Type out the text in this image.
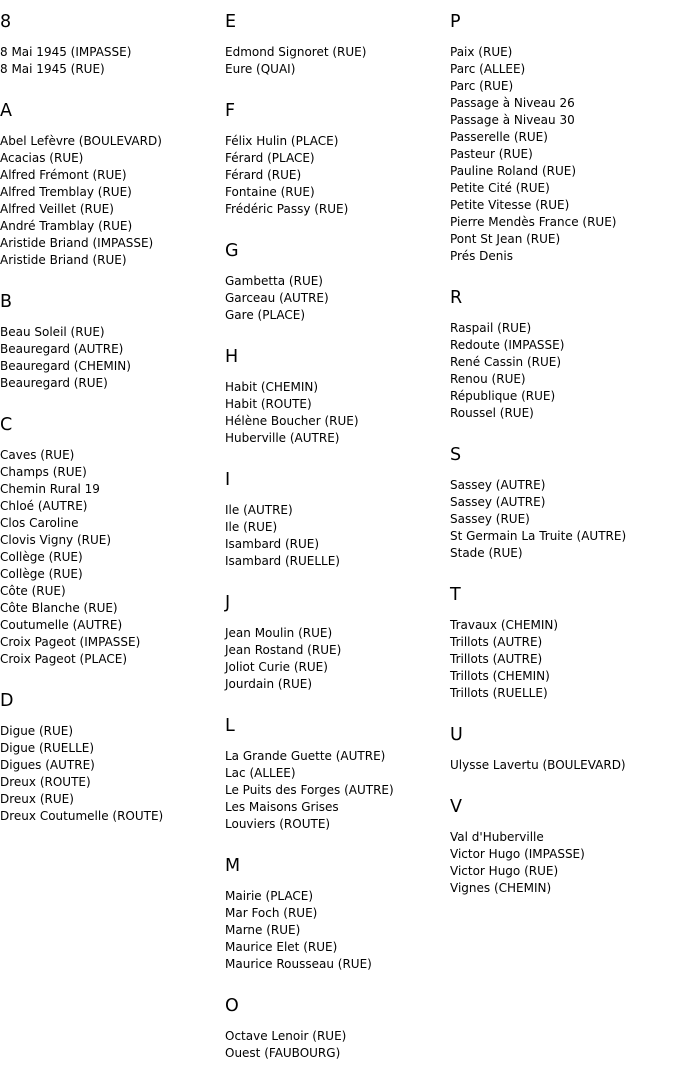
8
8 Mai 1945 (IMPASSE)
8 Mai 1945 (RUE)
A
Abel Lefèvre (BOULEVARD)
Acacias (RUE)
Alfred Frémont (RUE)
Alfred Tremblay (RUE)
Alfred Veillet (RUE)
André Tramblay (RUE)
Aristide Briand (IMPASSE)
Aristide Briand (RUE)
B
Beau Soleil (RUE)
Beauregard (AUTRE)
Beauregard (CHEMIN)
Beauregard (RUE)
C
Caves (RUE)
Champs (RUE)
Chemin Rural 19
Chloé (AUTRE)
Clos Caroline
Clovis Vigny (RUE)
Collège (RUE)
Collège (RUE)
Côte (RUE)
Côte Blanche (RUE)
Coutumelle (AUTRE)
Croix Pageot (IMPASSE)
Croix Pageot (PLACE)
D
Digue (RUE)
Digue (RUELLE)
Digues (AUTRE)
Dreux (ROUTE)
Dreux (RUE)
Dreux Coutumelle (ROUTE)
E
Edmond Signoret (RUE)
Eure (QUAI)
F
Félix Hulin (PLACE)
Férard (PLACE)
Férard (RUE)
Fontaine (RUE)
Frédéric Passy (RUE)
G
Gambetta (RUE)
Garceau (AUTRE)
Gare (PLACE)
H
Habit (CHEMIN)
Habit (ROUTE)
Hélène Boucher (RUE)
Huberville (AUTRE)
I
Ile (AUTRE)
Ile (RUE)
Isambard (RUE)
Isambard (RUELLE)
J
Jean Moulin (RUE)
Jean Rostand (RUE)
Joliot Curie (RUE)
Jourdain (RUE)
L
La Grande Guette (AUTRE)
Lac (ALLEE)
Le Puits des Forges (AUTRE)
Les Maisons Grises
Louviers (ROUTE)
M
Mairie (PLACE)
Mar Foch (RUE)
Marne (RUE)
Maurice Elet (RUE)
Maurice Rousseau (RUE)
O
Octave Lenoir (RUE)
Ouest (FAUBOURG)
P
Paix (RUE)
Parc (ALLEE)
Parc (RUE)
Passage à Niveau 26
Passage à Niveau 30
Passerelle (RUE)
Pasteur (RUE)
Pauline Roland (RUE)
Petite Cité (RUE)
Petite Vitesse (RUE)
Pierre Mendès France (RUE)
Pont St Jean (RUE)
Prés Denis
R
Raspail (RUE)
Redoute (IMPASSE)
René Cassin (RUE)
Renou (RUE)
République (RUE)
Roussel (RUE)
S
Sassey (AUTRE)
Sassey (AUTRE)
Sassey (RUE)
St Germain La Truite (AUTRE)
Stade (RUE)
T
Travaux (CHEMIN)
Trillots (AUTRE)
Trillots (AUTRE)
Trillots (CHEMIN)
Trillots (RUELLE)
U
Ulysse Lavertu (BOULEVARD)
V
Val d'Huberville
Victor Hugo (IMPASSE)
Victor Hugo (RUE)
Vignes (CHEMIN)
